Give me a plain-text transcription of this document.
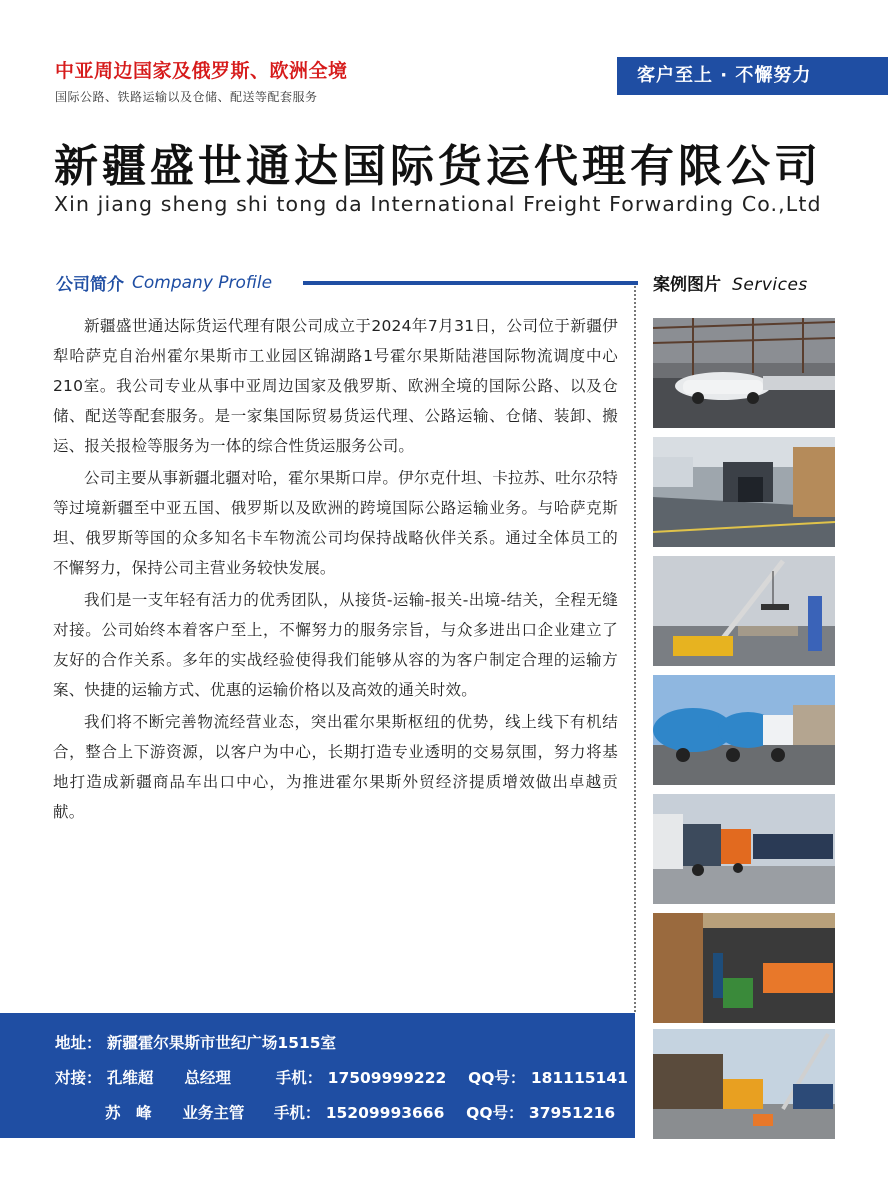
中亚周边国家及俄罗斯、欧洲全境
国际公路、铁路运输以及仓储、配送等配套服务
客户至上 · 不懈努力
新疆盛世通达国际货运代理有限公司
Xin jiang sheng shi tong da International Freight Forwarding Co.,Ltd
公司简介 Company Profile	案例图片 Services

新疆盛世通达际货运代理有限公司成立于2024年7月31日，公司位于新疆伊犁哈萨克自治州霍尔果斯市工业园区锦湖路1号霍尔果斯陆港国际物流调度中心210室。我公司专业从事中亚周边国家及俄罗斯、欧洲全境的国际公路、以及仓储、配送等配套服务。是一家集国际贸易货运代理、公路运输、仓储、装卸、搬运、报关报检等服务为一体的综合性货运服务公司。

公司主要从事新疆北疆对哈，霍尔果斯口岸。伊尔克什坦、卡拉苏、吐尔尕特等过境新疆至中亚五国、俄罗斯以及欧洲的跨境国际公路运输业务。与哈萨克斯坦、俄罗斯等国的众多知名卡车物流公司均保持战略伙伴关系。通过全体员工的不懈努力，保持公司主营业务较快发展。

我们是一支年轻有活力的优秀团队，从接货-运输-报关-出境-结关，全程无缝对接。公司始终本着客户至上，不懈努力的服务宗旨，与众多进出口企业建立了友好的合作关系。多年的实战经验使得我们能够从容的为客户制定合理的运输方案、快捷的运输方式、优惠的运输价格以及高效的通关时效。

我们将不断完善物流经营业态，突出霍尔果斯枢纽的优势，线上线下有机结合，整合上下游资源，以客户为中心，长期打造专业透明的交易氛围，努力将基地打造成新疆商品车出口中心，为推进霍尔果斯外贸经济提质增效做出卓越贡献。

地址： 新疆霍尔果斯市世纪广场1515室
对接： 孔维超 总经理	手机： 17509999222 QQ号： 181115141
苏　峰 业务主管 手机： 15209993666 QQ号： 37951216
